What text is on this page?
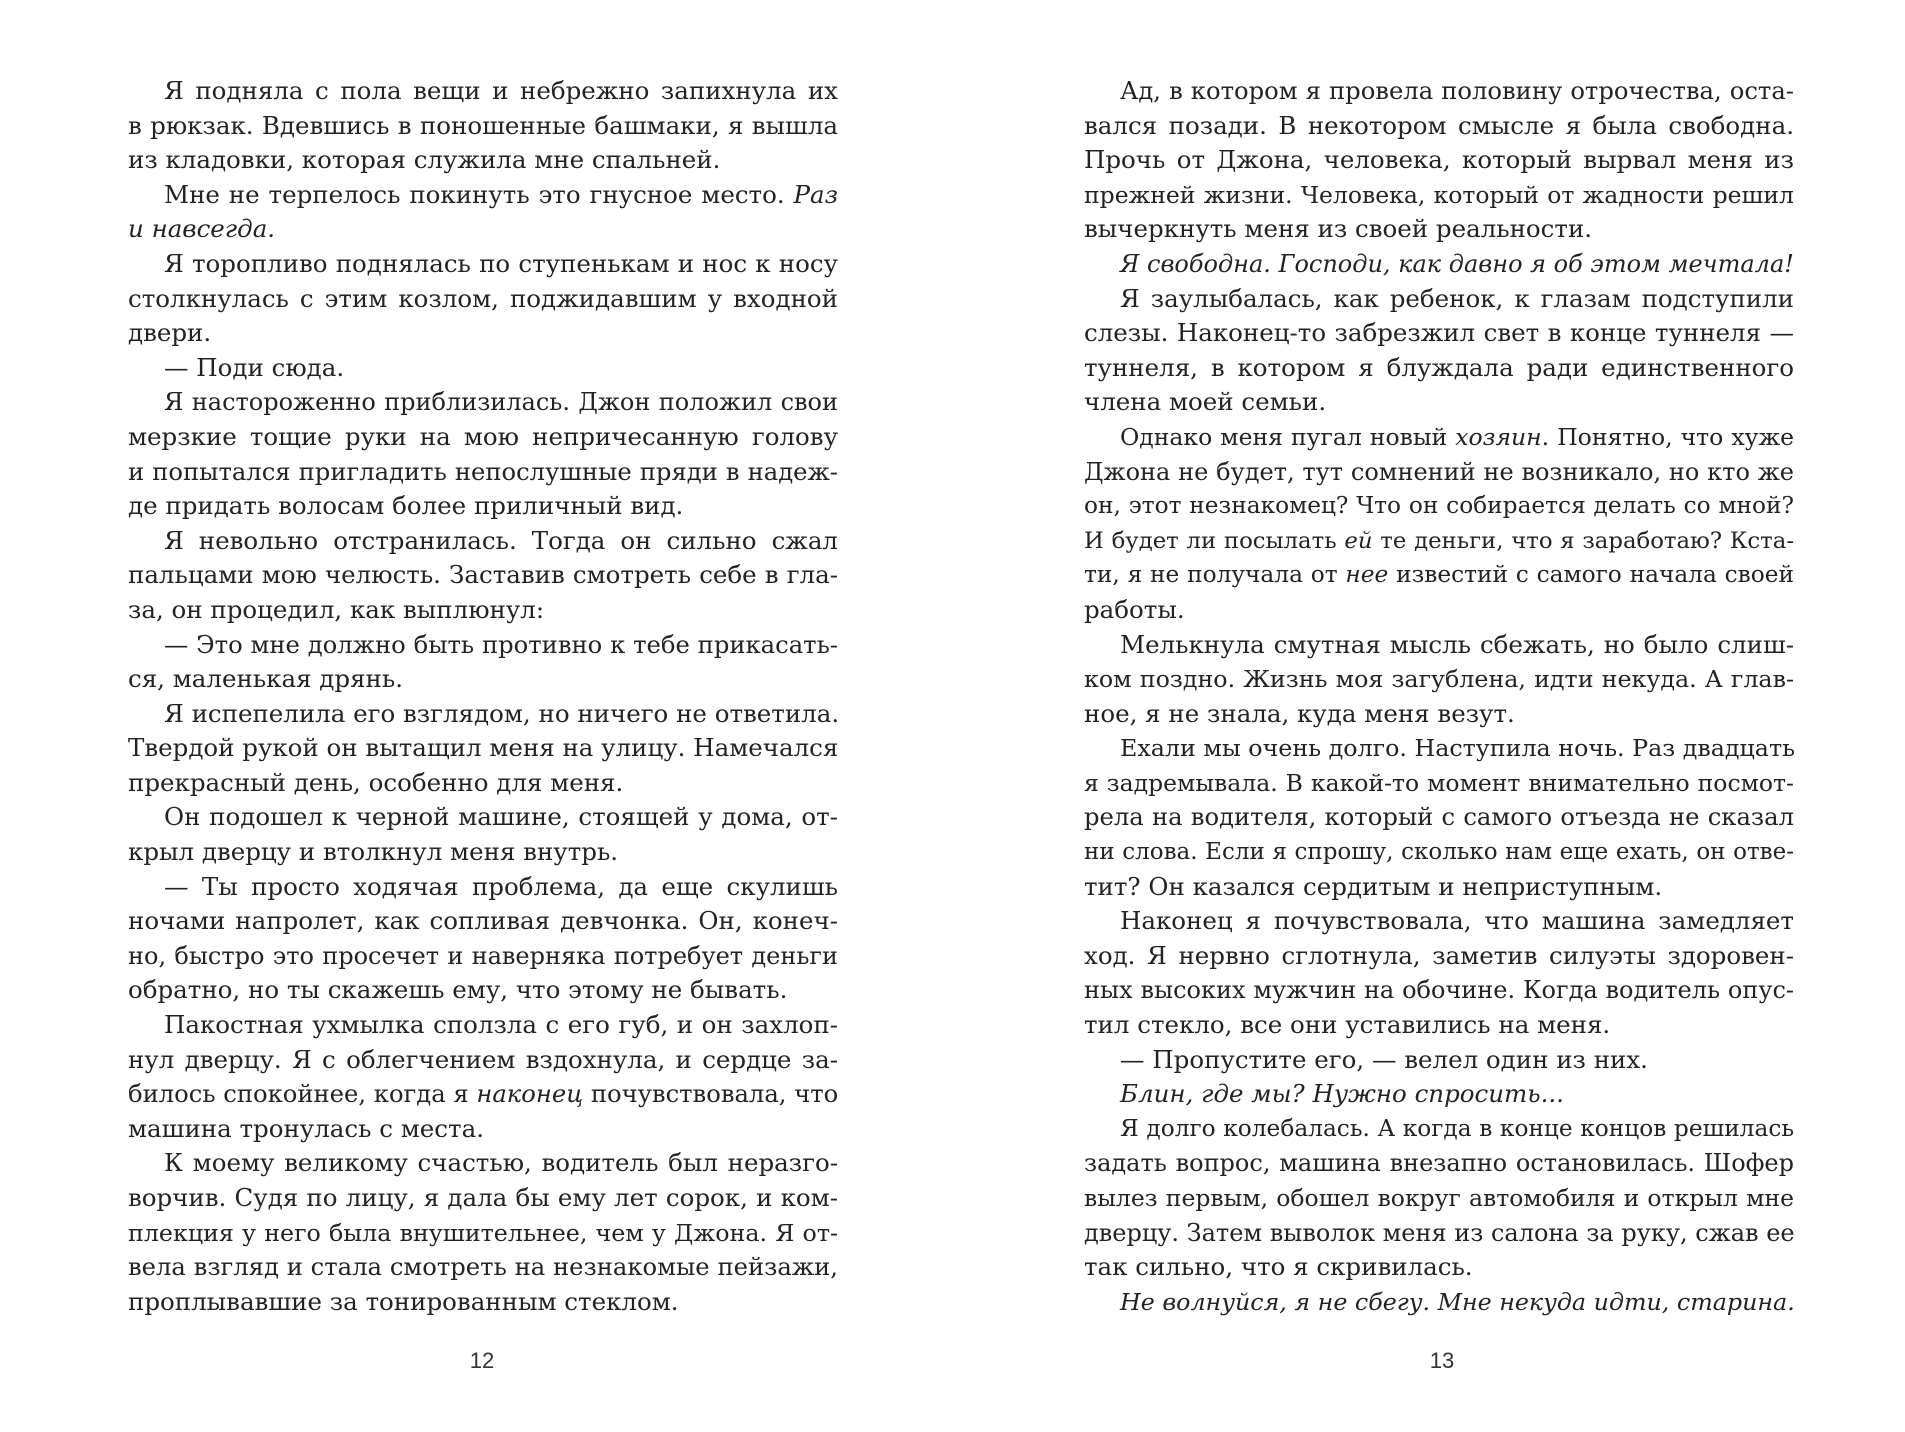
Я подняла с пола вещи и небрежно запихнула их
в рюкзак. Вдевшись в поношенные башмаки, я вышла
из кладовки, которая служила мне спальней.
Мне не терпелось покинуть это гнусное место. Раз
и навсегда.
Я торопливо поднялась по ступенькам и нос к носу
столкнулась с этим козлом, поджидавшим у входной
двери.
— Поди сюда.
Я настороженно приблизилась. Джон положил свои
мерзкие тощие руки на мою непричесанную голову
и попытался пригладить непослушные пряди в надеж-
де придать волосам более приличный вид.
Я невольно отстранилась. Тогда он сильно сжал
пальцами мою челюсть. Заставив смотреть себе в гла-
за, он процедил, как выплюнул:
— Это мне должно быть противно к тебе прикасать-
ся, маленькая дрянь.
Я испепелила его взглядом, но ничего не ответила.
Твердой рукой он вытащил меня на улицу. Намечался
прекрасный день, особенно для меня.
Он подошел к черной машине, стоящей у дома, от-
крыл дверцу и втолкнул меня внутрь.
— Ты просто ходячая проблема, да еще скулишь
ночами напролет, как сопливая девчонка. Он, конеч-
но, быстро это просечет и наверняка потребует деньги
обратно, но ты скажешь ему, что этому не бывать.
Пакостная ухмылка сползла с его губ, и он захлоп-
нул дверцу. Я с облегчением вздохнула, и сердце за-
билось спокойнее, когда я наконец почувствовала, что
машина тронулась с места.
К моему великому счастью, водитель был неразго-
ворчив. Судя по лицу, я дала бы ему лет сорок, и ком-
плекция у него была внушительнее, чем у Джона. Я от-
вела взгляд и стала смотреть на незнакомые пейзажи,
проплывавшие за тонированным стеклом.
Ад, в котором я провела половину отрочества, оста-
вался позади. В некотором смысле я была свободна.
Прочь от Джона, человека, который вырвал меня из
прежней жизни. Человека, который от жадности решил
вычеркнуть меня из своей реальности.
Я свободна. Господи, как давно я об этом мечтала!
Я заулыбалась, как ребенок, к глазам подступили
слезы. Наконец-то забрезжил свет в конце туннеля —
туннеля, в котором я блуждала ради единственного
члена моей семьи.
Однако меня пугал новый хозяин. Понятно, что хуже
Джона не будет, тут сомнений не возникало, но кто же
он, этот незнакомец? Что он собирается делать со мной?
И будет ли посылать ей те деньги, что я заработаю? Кста-
ти, я не получала от нее известий с самого начала своей
работы.
Мелькнула смутная мысль сбежать, но было слиш-
ком поздно. Жизнь моя загублена, идти некуда. А глав-
ное, я не знала, куда меня везут.
Ехали мы очень долго. Наступила ночь. Раз двадцать
я задремывала. В какой-то момент внимательно посмот-
рела на водителя, который с самого отъезда не сказал
ни слова. Если я спрошу, сколько нам еще ехать, он отве-
тит? Он казался сердитым и неприступным.
Наконец я почувствовала, что машина замедляет
ход. Я нервно сглотнула, заметив силуэты здоровен-
ных высоких мужчин на обочине. Когда водитель опус-
тил стекло, все они уставились на меня.
— Пропустите его, — велел один из них.
Блин, где мы? Нужно спросить...
Я долго колебалась. А когда в конце концов решилась
задать вопрос, машина внезапно остановилась. Шофер
вылез первым, обошел вокруг автомобиля и открыл мне
дверцу. Затем выволок меня из салона за руку, сжав ее
так сильно, что я скривилась.
Не волнуйся, я не сбегу. Мне некуда идти, старина.
12	13
